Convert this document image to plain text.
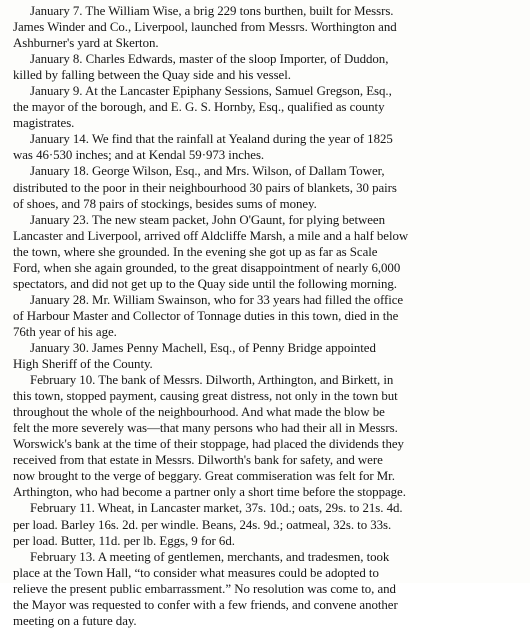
January 7. The William Wise, a brig 229 tons burthen, built for Messrs.
James Winder and Co., Liverpool, launched from Messrs. Worthington and
Ashburner's yard at Skerton.

January 8. Charles Edwards, master of the sloop Importer, of Duddon,
killed by falling between the Quay side and his vessel.

January 9. At the Lancaster Epiphany Sessions, Samuel Gregson, Esq.,
the mayor of the borough, and E. G. S. Hornby, Esq., qualified as county
magistrates.

January 14. We find that the rainfall at Yealand during the year of 1825
was 46·530 inches; and at Kendal 59·973 inches.

January 18. George Wilson, Esq., and Mrs. Wilson, of Dallam Tower,
distributed to the poor in their neighbourhood 30 pairs of blankets, 30 pairs
of shoes, and 78 pairs of stockings, besides sums of money.

January 23. The new steam packet, John O'Gaunt, for plying between
Lancaster and Liverpool, arrived off Aldcliffe Marsh, a mile and a half below
the town, where she grounded. In the evening she got up as far as Scale
Ford, when she again grounded, to the great disappointment of nearly 6,000
spectators, and did not get up to the Quay side until the following morning.

January 28. Mr. William Swainson, who for 33 years had filled the office
of Harbour Master and Collector of Tonnage duties in this town, died in the
76th year of his age.

January 30. James Penny Machell, Esq., of Penny Bridge appointed
High Sheriff of the County.

February 10. The bank of Messrs. Dilworth, Arthington, and Birkett, in
this town, stopped payment, causing great distress, not only in the town but
throughout the whole of the neighbourhood. And what made the blow be
felt the more severely was—that many persons who had their all in Messrs.
Worswick's bank at the time of their stoppage, had placed the dividends they
received from that estate in Messrs. Dilworth's bank for safety, and were
now brought to the verge of beggary. Great commiseration was felt for Mr.
Arthington, who had become a partner only a short time before the stoppage.

February 11. Wheat, in Lancaster market, 37s. 10d.; oats, 29s. to 21s. 4d.
per load. Barley 16s. 2d. per windle. Beans, 24s. 9d.; oatmeal, 32s. to 33s.
per load. Butter, 11d. per lb. Eggs, 9 for 6d.

February 13. A meeting of gentlemen, merchants, and tradesmen, took
place at the Town Hall, “to consider what measures could be adopted to
relieve the present public embarrassment.” No resolution was come to, and
the Mayor was requested to confer with a few friends, and convene another
meeting on a future day.
